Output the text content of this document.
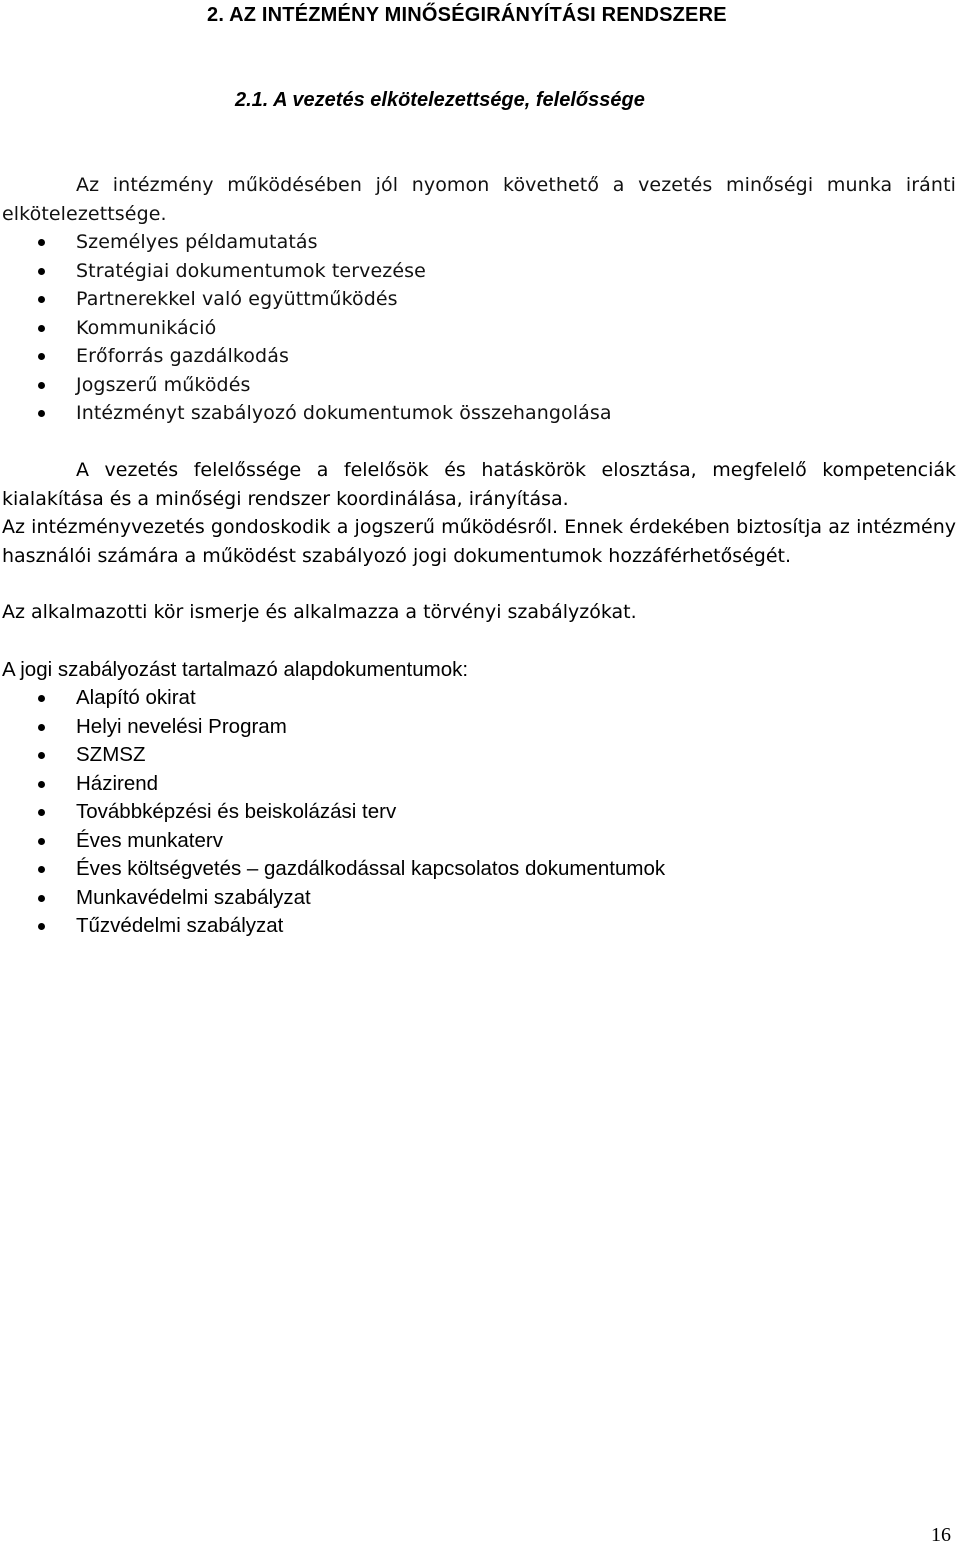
2. AZ INTÉZMÉNY MINŐSÉGIRÁNYÍTÁSI RENDSZERE
2.1. A vezetés elkötelezettsége, felelőssége
Az intézmény működésében jól nyomon követhető a vezetés minőségi munka iránti elkötelezettsége.
Személyes példamutatás
Stratégiai dokumentumok tervezése
Partnerekkel való együttműködés
Kommunikáció
Erőforrás gazdálkodás
Jogszerű működés
Intézményt szabályozó dokumentumok összehangolása
A vezetés felelőssége a felelősök és hatáskörök elosztása, megfelelő kompetenciák kialakítása és a minőségi rendszer koordinálása, irányítása.
Az intézményvezetés gondoskodik a jogszerű működésről. Ennek érdekében biztosítja az intézmény használói számára a működést szabályozó jogi dokumentumok hozzáférhetőségét.
Az alkalmazotti kör ismerje és alkalmazza a törvényi szabályzókat.
A jogi szabályozást tartalmazó alapdokumentumok:
Alapító okirat
Helyi nevelési Program
SZMSZ
Házirend
Továbbképzési és beiskolázási terv
Éves munkaterv
Éves költségvetés – gazdálkodással kapcsolatos dokumentumok
Munkavédelmi szabályzat
Tűzvédelmi szabályzat
16
